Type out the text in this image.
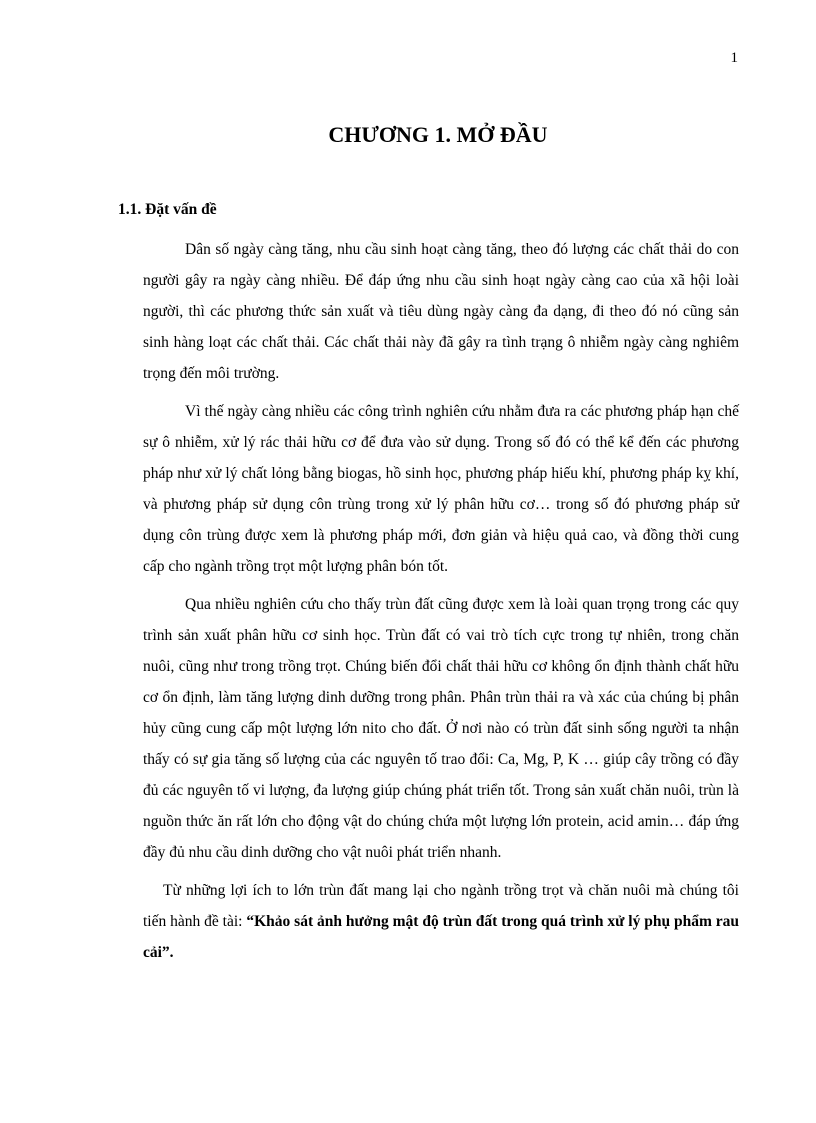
1
CHƯƠNG 1. MỞ ĐẦU
1.1. Đặt vấn đề

Dân số ngày càng tăng, nhu cầu sinh hoạt càng tăng, theo đó lượng các chất thải do con người gây ra ngày càng nhiều. Để đáp ứng nhu cầu sinh hoạt ngày càng cao của xã hội loài người, thì các phương thức sản xuất và tiêu dùng ngày càng đa dạng, đi theo đó nó cũng sản sinh hàng loạt các chất thải. Các chất thải này đã gây ra tình trạng ô nhiễm ngày càng nghiêm trọng đến môi trường.

Vì thế ngày càng nhiều các công trình nghiên cứu nhằm đưa ra các phương pháp hạn chế sự ô nhiễm, xử lý rác thải hữu cơ để đưa vào sử dụng. Trong số đó có thể kể đến các phương pháp như xử lý chất lỏng bằng biogas, hồ sinh học, phương pháp hiếu khí, phương pháp kỵ khí, và phương pháp sử dụng côn trùng trong xử lý phân hữu cơ… trong số đó phương pháp sử dụng côn trùng được xem là phương pháp mới, đơn giản và hiệu quả cao, và đồng thời cung cấp cho ngành trồng trọt một lượng phân bón tốt.

Qua nhiều nghiên cứu cho thấy trùn đất cũng được xem là loài quan trọng trong các quy trình sản xuất phân hữu cơ sinh học. Trùn đất có vai trò tích cực trong tự nhiên, trong chăn nuôi, cũng như trong trồng trọt. Chúng biến đổi chất thải hữu cơ không ổn định thành chất hữu cơ ổn định, làm tăng lượng dinh dưỡng trong phân. Phân trùn thải ra và xác của chúng bị phân hủy cũng cung cấp một lượng lớn nito cho đất. Ở nơi nào có trùn đất sinh sống người ta nhận thấy có sự gia tăng số lượng của các nguyên tố trao đổi: Ca, Mg, P, K … giúp cây trồng có đầy đủ các nguyên tố vi lượng, đa lượng giúp chúng phát triển tốt. Trong sản xuất chăn nuôi, trùn là nguồn thức ăn rất lớn cho động vật do chúng chứa một lượng lớn protein, acid amin… đáp ứng đầy đủ nhu cầu dinh dưỡng cho vật nuôi phát triển nhanh.

Từ những lợi ích to lớn trùn đất mang lại cho ngành trồng trọt và chăn nuôi mà chúng tôi tiến hành đề tài: “Khảo sát ảnh hưởng mật độ trùn đất trong quá trình xử lý phụ phẩm rau cải”.
